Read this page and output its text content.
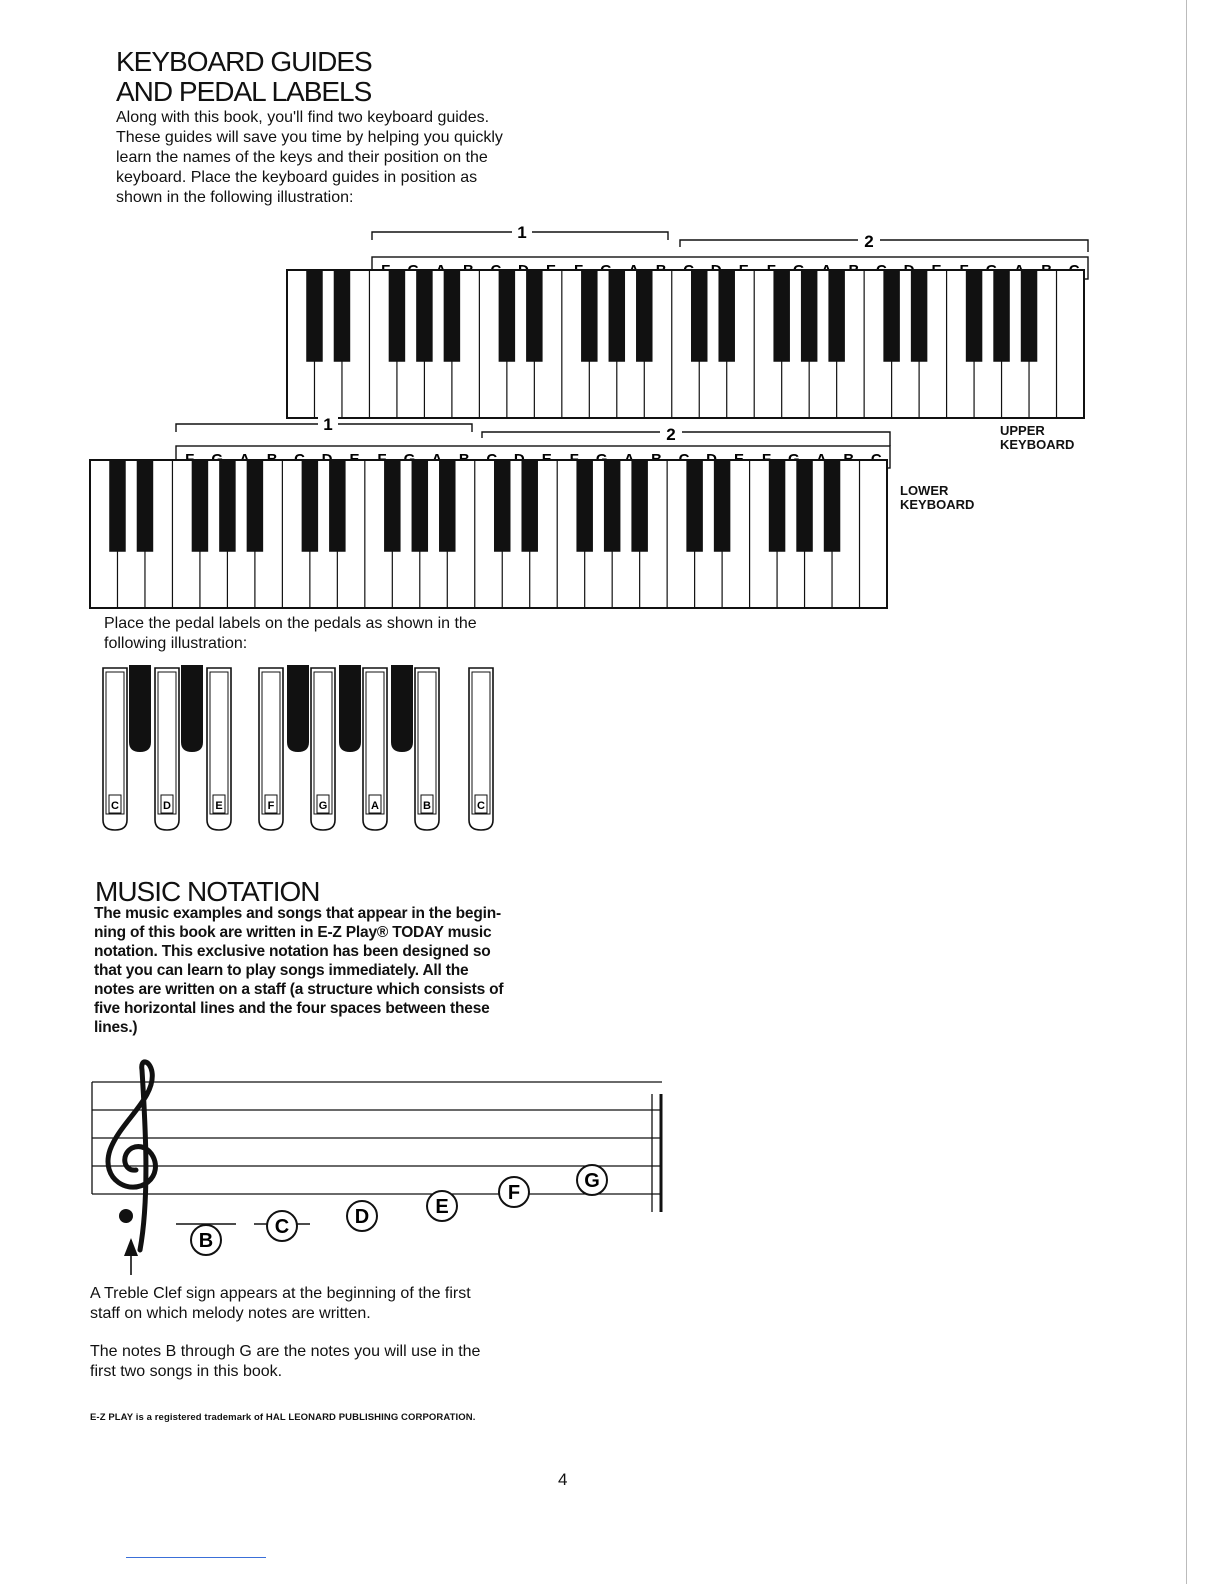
KEYBOARD GUIDES
AND PEDAL LABELS
Along with this book, you'll find two keyboard guides.
These guides will save you time by helping you quickly
learn the names of the keys and their position on the
keyboard. Place the keyboard guides in position as
shown in the following illustration:
1	2
UPPER
KEYBOARD
1
2
LOWER
KEYBOARD
Place the pedal labels on the pedals as shown in the
following illustration:
C	D	E	F	G	A	B	C
MUSIC NOTATION
The music examples and songs that appear in the begin-
ning of this book are written in E-Z Play® TODAY music
notation. This exclusive notation has been designed so
that you can learn to play songs immediately. All the
notes are written on a staff (a structure which consists of
five horizontal lines and the four spaces between these
lines.)
B
C	D	E
F
G
A Treble Clef sign appears at the beginning of the first
staff on which melody notes are written.
The notes B through G are the notes you will use in the
first two songs in this book.
E-Z PLAY is a registered trademark of HAL LEONARD PUBLISHING CORPORATION.
4
